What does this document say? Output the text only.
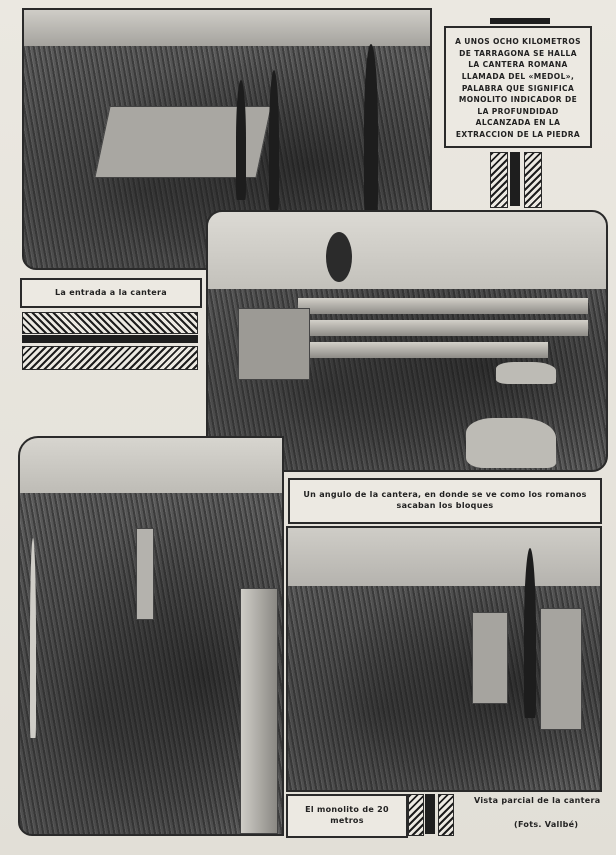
A UNOS OCHO KILOMETROS DE TARRAGONA SE HALLA LA CANTERA ROMANA LLAMADA DEL «MEDOL», PALABRA QUE SIGNIFICA MONOLITO INDICADOR DE LA PROFUNDIDAD ALCANZADA EN LA EXTRACCION DE LA PIEDRA
La entrada a la cantera
Un angulo de la cantera, en donde se ve como los romanos sacaban los bloques
El monolito de 20 metros
Vista parcial de la cantera
(Fots. Vallbé)
